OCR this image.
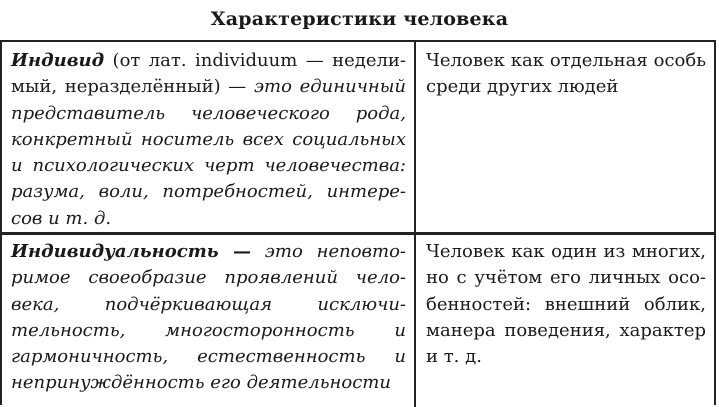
Характеристики человека
Индивид (от лат. individuum — недели-
мый, неразделённый) — это единичный
представитель человеческого рода,
конкретный носитель всех социальных
и психологических черт человечества:
разума, воли, потребностей, интере-
сов и т. д.
Человек как отдельная особь
среди других людей
Индивидуальность — это неповто-
римое своеобразие проявлений чело-
века, подчёркивающая исключи-
тельность, многосторонность и
гармоничность, естественность и
непринуждённость его деятельности
Человек как один из многих,
но с учётом его личных осо-
бенностей: внешний облик,
манера поведения, характер
и т. д.
